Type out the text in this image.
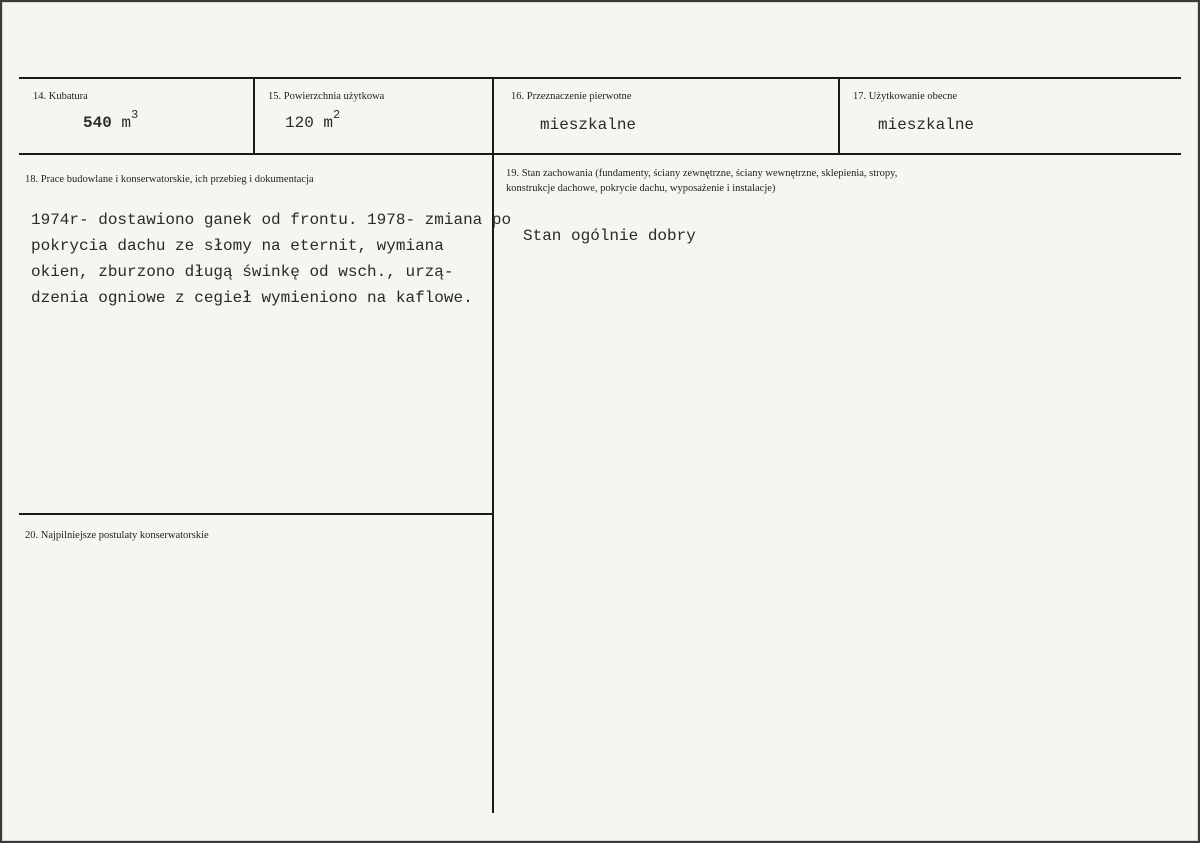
14. Kubatura
540 $m^3$
15. Powierzchnia użytkowa
120 $m^2$
16. Przeznaczenie pierwotne
mieszkalne
17. Użytkowanie obecne
mieszkalne
18. Prace budowlane i konserwatorskie, ich przebieg i dokumentacja
1974r- dostawiono ganek od frontu. 1978- zmiana po
pokrycia dachu ze słomy na eternit, wymiana
okien, zburzono długą świnkę od wsch., urzą-
dzenia ogniowe z cegieł wymieniono na kaflowe.
19. Stan zachowania (fundamenty, ściany zewnętrzne, ściany wewnętrzne, sklepienia, stropy,
konstrukcje dachowe, pokrycie dachu, wyposażenie i instalacje)
Stan ogólnie dobry
20. Najpilniejsze postulaty konserwatorskie
